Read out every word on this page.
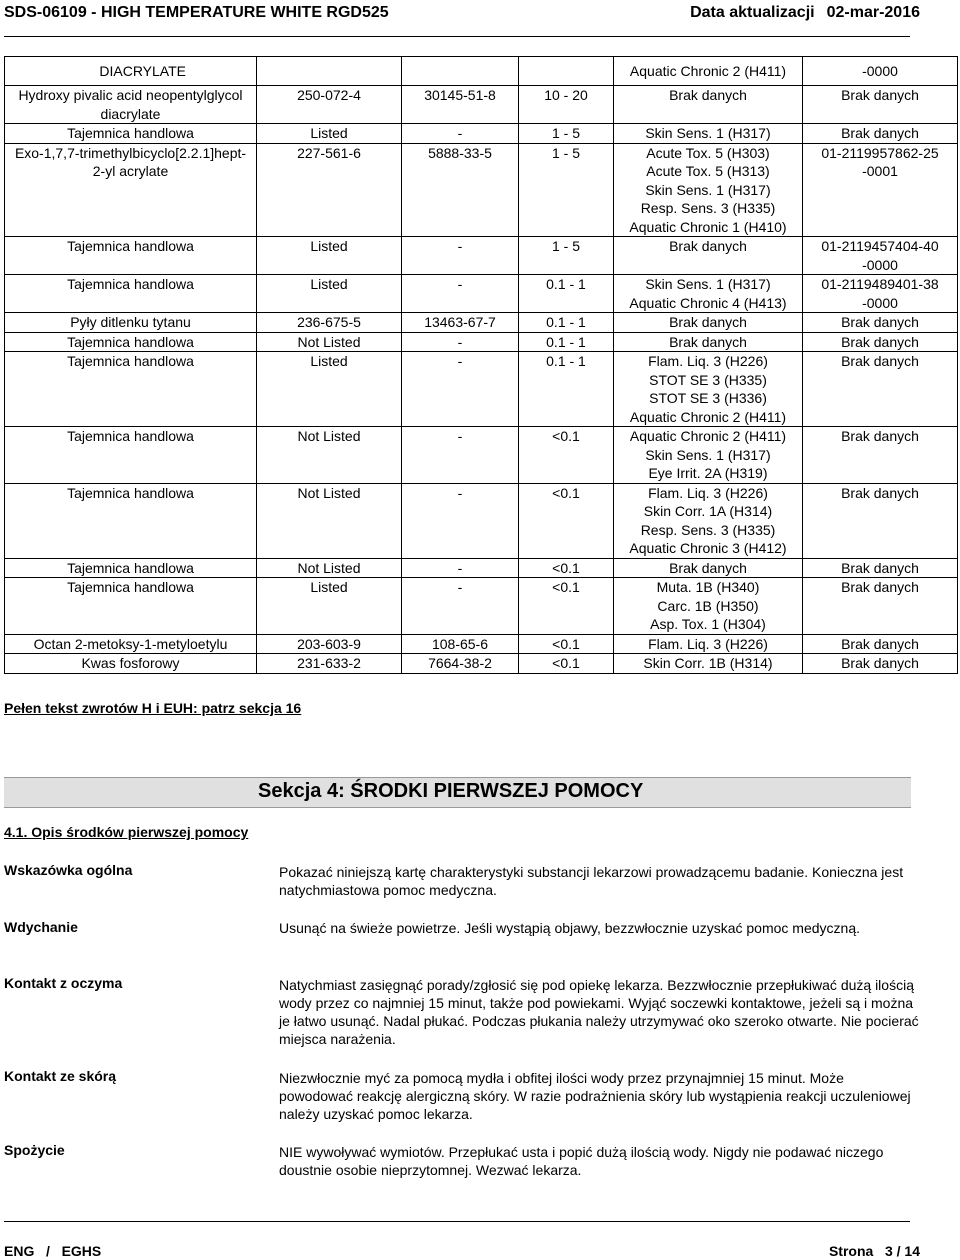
SDS-06109 - HIGH TEMPERATURE WHITE RGD525	Data aktualizacji 02-mar-2016
DIACRYLATE				Aquatic Chronic 2 (H411)	-0000
Hydroxy pivalic acid neopentylglycol
diacrylate	250-072-4	30145-51-8	10 - 20	Brak danych	Brak danych
Tajemnica handlowa	Listed	-	1 - 5	Skin Sens. 1 (H317)	Brak danych
Exo-1,7,7-trimethylbicyclo[2.2.1]hept-
2-yl acrylate	227-561-6	5888-33-5	1 - 5	Acute Tox. 5 (H303)
Acute Tox. 5 (H313)
Skin Sens. 1 (H317)
Resp. Sens. 3 (H335)
Aquatic Chronic 1 (H410)	01-2119957862-25
-0001
Tajemnica handlowa	Listed	-	1 - 5	Brak danych	01-2119457404-40
-0000
Tajemnica handlowa	Listed	-	0.1 - 1	Skin Sens. 1 (H317)
Aquatic Chronic 4 (H413)	01-2119489401-38
-0000
Pyły ditlenku tytanu	236-675-5	13463-67-7	0.1 - 1	Brak danych	Brak danych
Tajemnica handlowa	Not Listed	-	0.1 - 1	Brak danych	Brak danych
Tajemnica handlowa	Listed	-	0.1 - 1	Flam. Liq. 3 (H226)
STOT SE 3 (H335)
STOT SE 3 (H336)
Aquatic Chronic 2 (H411)	Brak danych
Tajemnica handlowa	Not Listed	-	<0.1	Aquatic Chronic 2 (H411)
Skin Sens. 1 (H317)
Eye Irrit. 2A (H319)	Brak danych
Tajemnica handlowa	Not Listed	-	<0.1	Flam. Liq. 3 (H226)
Skin Corr. 1A (H314)
Resp. Sens. 3 (H335)
Aquatic Chronic 3 (H412)	Brak danych
Tajemnica handlowa	Not Listed	-	<0.1	Brak danych	Brak danych
Tajemnica handlowa	Listed	-	<0.1	Muta. 1B (H340)
Carc. 1B (H350)
Asp. Tox. 1 (H304)	Brak danych
Octan 2-metoksy-1-metyloetylu	203-603-9	108-65-6	<0.1	Flam. Liq. 3 (H226)	Brak danych
Kwas fosforowy	231-633-2	7664-38-2	<0.1	Skin Corr. 1B (H314)	Brak danych
Pełen tekst zwrotów H i EUH: patrz sekcja 16
Sekcja 4: ŚRODKI PIERWSZEJ POMOCY
4.1. Opis środków pierwszej pomocy
Wskazówka ogólna	Pokazać niniejszą kartę charakterystyki substancji lekarzowi prowadzącemu badanie. Konieczna jest natychmiastowa pomoc medyczna.
Wdychanie	Usunąć na świeże powietrze. Jeśli wystąpią objawy, bezzwłocznie uzyskać pomoc medyczną.
Kontakt z oczyma	Natychmiast zasięgnąć porady/zgłosić się pod opiekę lekarza. Bezzwłocznie przepłukiwać dużą ilością wody przez co najmniej 15 minut, także pod powiekami. Wyjąć soczewki kontaktowe, jeżeli są i można je łatwo usunąć. Nadal płukać. Podczas płukania należy utrzymywać oko szeroko otwarte. Nie pocierać miejsca narażenia.
Kontakt ze skórą	Niezwłocznie myć za pomocą mydła i obfitej ilości wody przez przynajmniej 15 minut. Może powodować reakcję alergiczną skóry. W razie podrażnienia skóry lub wystąpienia reakcji uczuleniowej należy uzyskać pomoc lekarza.
Spożycie	NIE wywoływać wymiotów. Przepłukać usta i popić dużą ilością wody. Nigdy nie podawać niczego doustnie osobie nieprzytomnej. Wezwać lekarza.
ENG   /   EGHS	Strona   3 / 14
